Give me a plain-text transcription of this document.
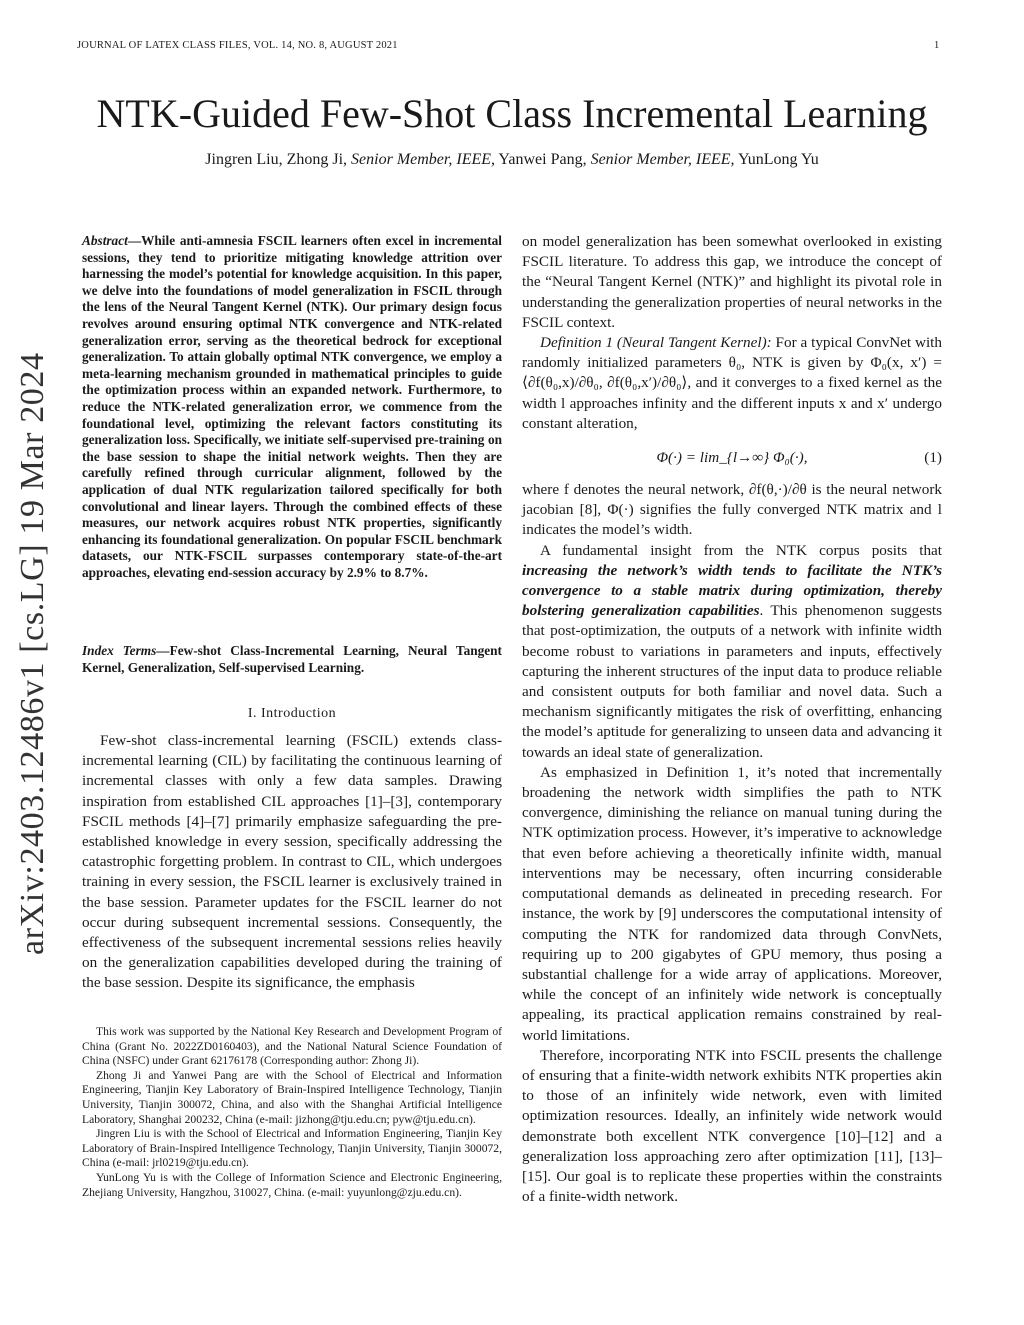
JOURNAL OF LATEX CLASS FILES, VOL. 14, NO. 8, AUGUST 2021	1
NTK-Guided Few-Shot Class Incremental Learning
Jingren Liu, Zhong Ji, Senior Member, IEEE, Yanwei Pang, Senior Member, IEEE, YunLong Yu
arXiv:2403.12486v1 [cs.LG] 19 Mar 2024
Abstract—While anti-amnesia FSCIL learners often excel in incremental sessions, they tend to prioritize mitigating knowledge attrition over harnessing the model’s potential for knowledge acquisition. In this paper, we delve into the foundations of model generalization in FSCIL through the lens of the Neural Tangent Kernel (NTK). Our primary design focus revolves around ensuring optimal NTK convergence and NTK-related generalization error, serving as the theoretical bedrock for exceptional generalization. To attain globally optimal NTK convergence, we employ a meta-learning mechanism grounded in mathematical principles to guide the optimization process within an expanded network. Furthermore, to reduce the NTK-related generalization error, we commence from the foundational level, optimizing the relevant factors constituting its generalization loss. Specifically, we initiate self-supervised pre-training on the base session to shape the initial network weights. Then they are carefully refined through curricular alignment, followed by the application of dual NTK regularization tailored specifically for both convolutional and linear layers. Through the combined effects of these measures, our network acquires robust NTK properties, significantly enhancing its foundational generalization. On popular FSCIL benchmark datasets, our NTK-FSCIL surpasses contemporary state-of-the-art approaches, elevating end-session accuracy by 2.9% to 8.7%.
Index Terms—Few-shot Class-Incremental Learning, Neural Tangent Kernel, Generalization, Self-supervised Learning.
I. Introduction

Few-shot class-incremental learning (FSCIL) extends class-incremental learning (CIL) by facilitating the continuous learning of incremental classes with only a few data samples. Drawing inspiration from established CIL approaches [1]–[3], contemporary FSCIL methods [4]–[7] primarily emphasize safeguarding the pre-established knowledge in every session, specifically addressing the catastrophic forgetting problem. In contrast to CIL, which undergoes training in every session, the FSCIL learner is exclusively trained in the base session. Parameter updates for the FSCIL learner do not occur during subsequent incremental sessions. Consequently, the effectiveness of the subsequent incremental sessions relies heavily on the generalization capabilities developed during the training of the base session. Despite its significance, the emphasis

This work was supported by the National Key Research and Development Program of China (Grant No. 2022ZD0160403), and the National Natural Science Foundation of China (NSFC) under Grant 62176178 (Corresponding author: Zhong Ji).

Zhong Ji and Yanwei Pang are with the School of Electrical and Information Engineering, Tianjin Key Laboratory of Brain-Inspired Intelligence Technology, Tianjin University, Tianjin 300072, China, and also with the Shanghai Artificial Intelligence Laboratory, Shanghai 200232, China (e-mail: jizhong@tju.edu.cn; pyw@tju.edu.cn).

Jingren Liu is with the School of Electrical and Information Engineering, Tianjin Key Laboratory of Brain-Inspired Intelligence Technology, Tianjin University, Tianjin 300072, China (e-mail: jrl0219@tju.edu.cn).

YunLong Yu is with the College of Information Science and Electronic Engineering, Zhejiang University, Hangzhou, 310027, China. (e-mail: yuyunlong@zju.edu.cn).

on model generalization has been somewhat overlooked in existing FSCIL literature. To address this gap, we introduce the concept of the “Neural Tangent Kernel (NTK)” and highlight its pivotal role in understanding the generalization properties of neural networks in the FSCIL context.

Definition 1 (Neural Tangent Kernel): For a typical ConvNet with randomly initialized parameters θ₀, NTK is given by Φ₀(x, x′) = ⟨∂f(θ₀,x)/∂θ₀, ∂f(θ₀,x′)/∂θ₀⟩, and it converges to a fixed kernel as the width l approaches infinity and the different inputs x and x′ undergo constant alteration,

Φ(·) = lim_{l→∞} Φ₀(·),	(1)

where f denotes the neural network, ∂f(θ,·)/∂θ is the neural network jacobian [8], Φ(·) signifies the fully converged NTK matrix and l indicates the model’s width.

A fundamental insight from the NTK corpus posits that increasing the network’s width tends to facilitate the NTK’s convergence to a stable matrix during optimization, thereby bolstering generalization capabilities. This phenomenon suggests that post-optimization, the outputs of a network with infinite width become robust to variations in parameters and inputs, effectively capturing the inherent structures of the input data to produce reliable and consistent outputs for both familiar and novel data. Such a mechanism significantly mitigates the risk of overfitting, enhancing the model’s aptitude for generalizing to unseen data and advancing it towards an ideal state of generalization.

As emphasized in Definition 1, it’s noted that incrementally broadening the network width simplifies the path to NTK convergence, diminishing the reliance on manual tuning during the NTK optimization process. However, it’s imperative to acknowledge that even before achieving a theoretically infinite width, manual interventions may be necessary, often incurring considerable computational demands as delineated in preceding research. For instance, the work by [9] underscores the computational intensity of computing the NTK for randomized data through ConvNets, requiring up to 200 gigabytes of GPU memory, thus posing a substantial challenge for a wide array of applications. Moreover, while the concept of an infinitely wide network is conceptually appealing, its practical application remains constrained by real-world limitations.

Therefore, incorporating NTK into FSCIL presents the challenge of ensuring that a finite-width network exhibits NTK properties akin to those of an infinitely wide network, even with limited optimization resources. Ideally, an infinitely wide network would demonstrate both excellent NTK convergence [10]–[12] and a generalization loss approaching zero after optimization [11], [13]–[15]. Our goal is to replicate these properties within the constraints of a finite-width network.
